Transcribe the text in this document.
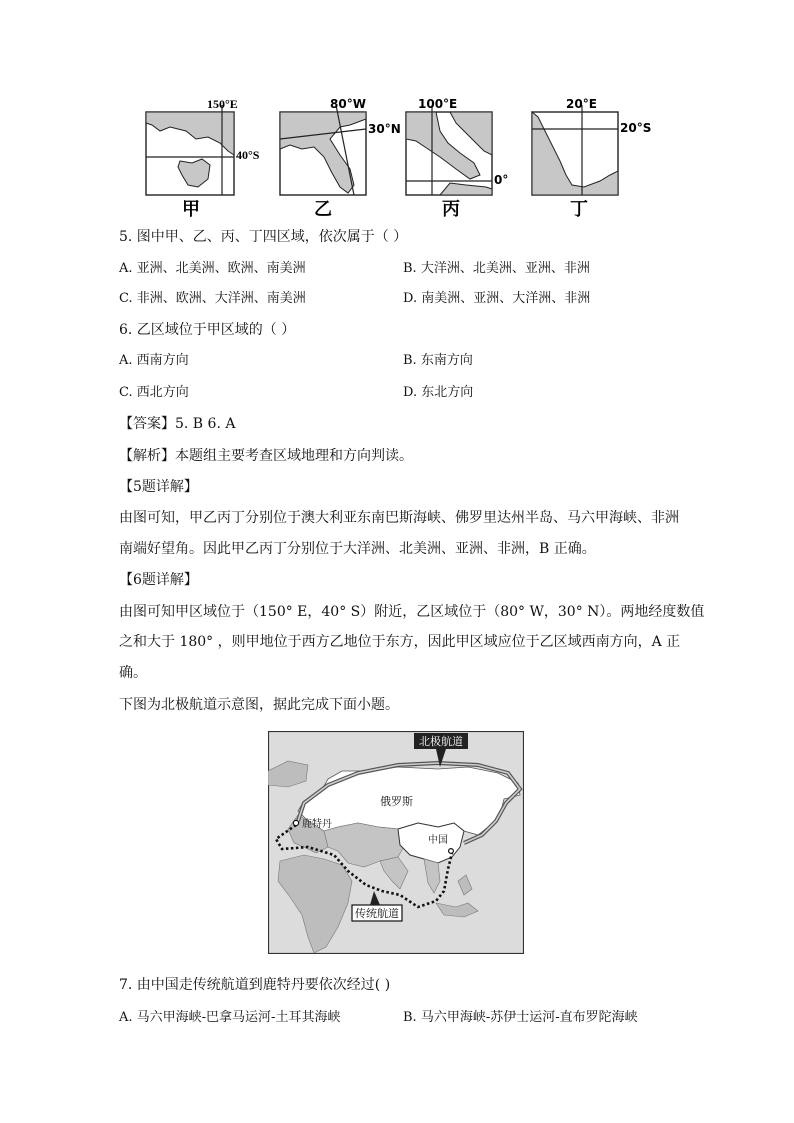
150°E
40°S
甲
80°W
30°N
乙
100°E
0°
丙
20°E
20°S
丁
5. 图中甲、乙、丙、丁四区域，依次属于（ ）
A. 亚洲、北美洲、欧洲、南美洲	B. 大洋洲、北美洲、亚洲、非洲
C. 非洲、欧洲、大洋洲、南美洲	D. 南美洲、亚洲、大洋洲、非洲
6. 乙区域位于甲区域的（ ）
A. 西南方向	B. 东南方向
C. 西北方向	D. 东北方向
【答案】5. B 6. A
【解析】本题组主要考查区域地理和方向判读。
【5题详解】
由图可知，甲乙丙丁分别位于澳大利亚东南巴斯海峡、佛罗里达州半岛、马六甲海峡、非洲
南端好望角。因此甲乙丙丁分别位于大洋洲、北美洲、亚洲、非洲，B 正确。
【6题详解】
由图可知甲区域位于（150° E，40° S）附近，乙区域位于（80° W，30° N）。两地经度数值
之和大于 180° ，则甲地位于西方乙地位于东方，因此甲区域应位于乙区域西南方向，A 正
确。
下图为北极航道示意图，据此完成下面小题。
北极航道
俄罗斯
鹿特丹
中国
传统航道
7. 由中国走传统航道到鹿特丹要依次经过( )
A. 马六甲海峡-巴拿马运河-土耳其海峡	B. 马六甲海峡-苏伊士运河-直布罗陀海峡
